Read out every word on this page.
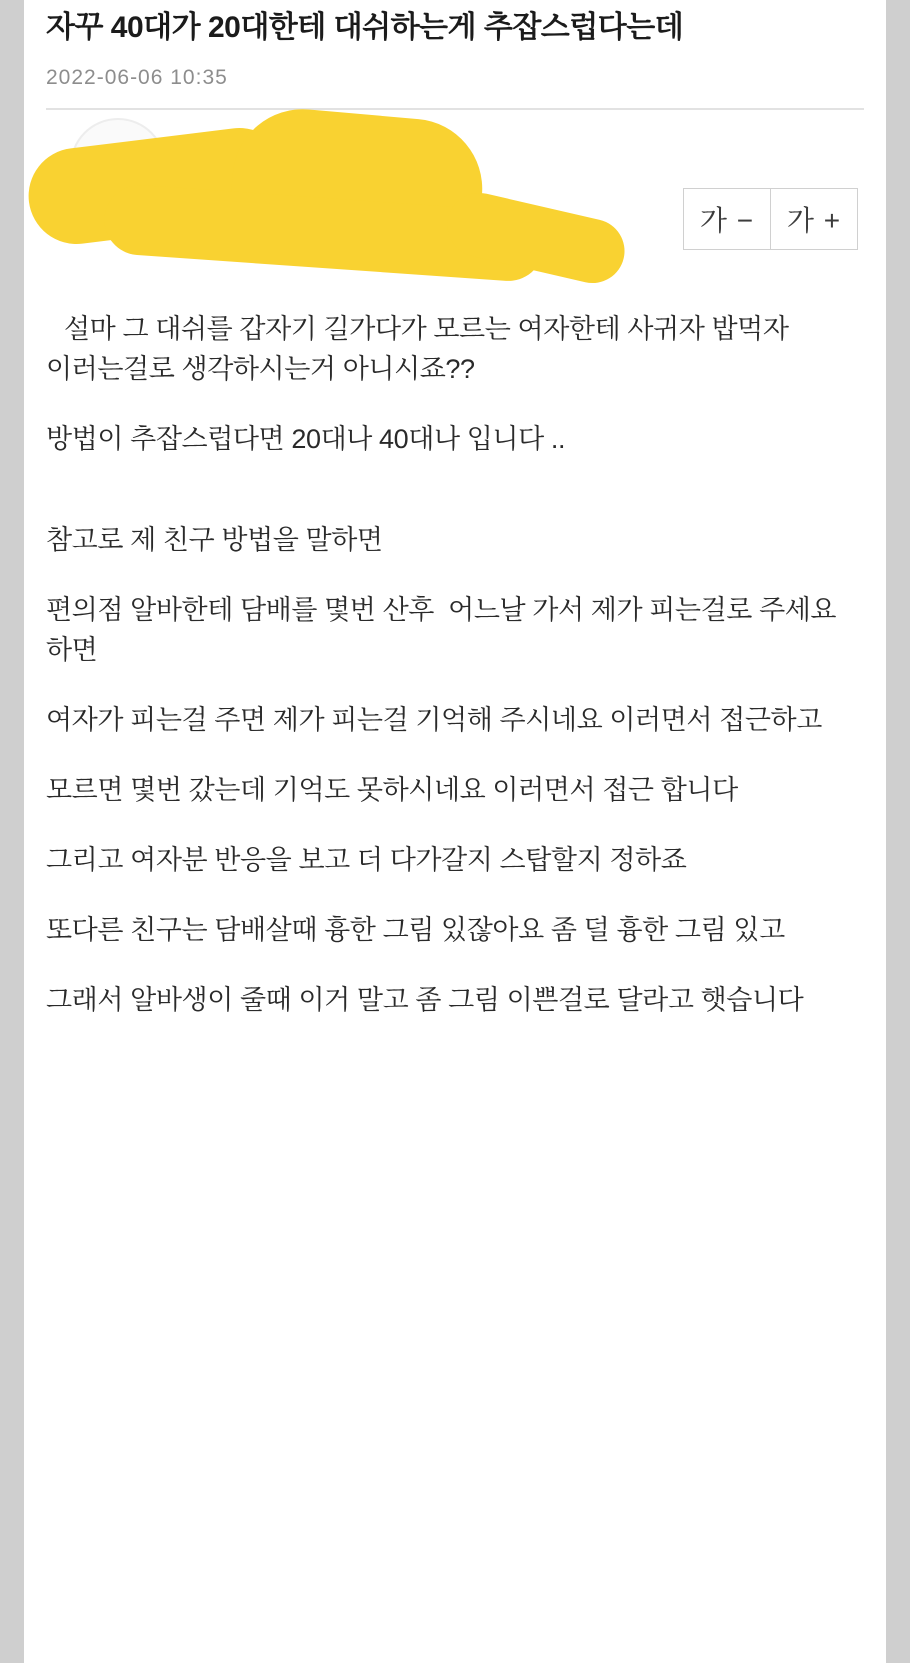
자꾸 40대가 20대한테 대쉬하는게 추잡스럽다는데
2022-06-06 10:35
가 −	가 +

설마 그 대쉬를 갑자기 길가다가 모르는 여자한테 사귀자 밥먹자 이러는걸로 생각하시는거 아니시죠??

방법이 추잡스럽다면 20대나 40대나 입니다 ..

참고로 제 친구 방법을 말하면

편의점 알바한테 담배를 몇번 산후  어느날 가서 제가 피는걸로 주세요  하면

여자가 피는걸 주면 제가 피는걸 기억해 주시네요 이러면서 접근하고

모르면 몇번 갔는데 기억도 못하시네요 이러면서 접근 합니다

그리고 여자분 반응을 보고 더 다가갈지 스탑할지 정하죠

또다른 친구는 담배살때 흉한 그림 있잖아요 좀 덜 흉한 그림 있고

그래서 알바생이 줄때 이거 말고 좀 그림 이쁜걸로 달라고 햇습니다
